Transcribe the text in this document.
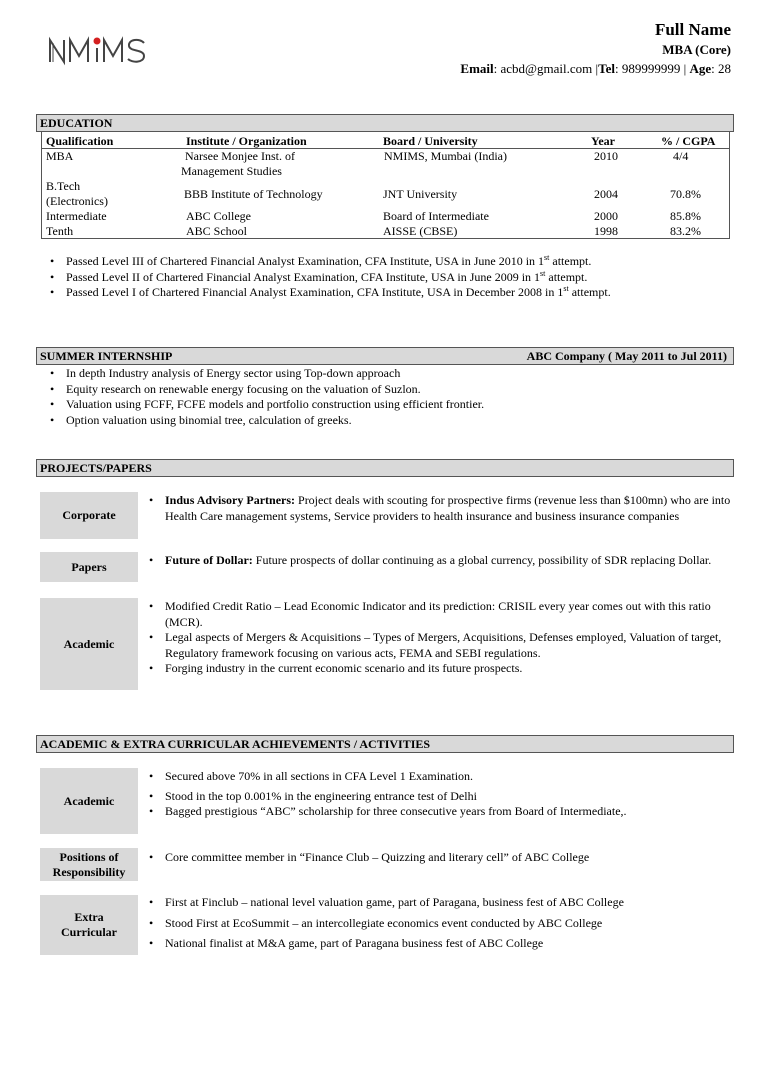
Full Name
MBA (Core)
Email: acbd@gmail.com |Tel: 989999999 | Age: 28
EDUCATION
Qualification	Institute / Organization	Board / University	Year	% / CGPA
MBA	Narsee Monjee Inst. of
Management Studies
NMIMS, Mumbai (India)	2010	4/4
B.Tech
(Electronics)	BBB Institute of Technology	JNT University	2004	70.8%
Intermediate	ABC College	Board of Intermediate	2000	85.8%
Tenth	ABC School	AISSE (CBSE)	1998	83.2%
• Passed Level III of Chartered Financial Analyst Examination, CFA Institute, USA in June 2010 in 1st attempt.
• Passed Level II of Chartered Financial Analyst Examination, CFA Institute, USA in June 2009 in 1st attempt.
• Passed Level I of Chartered Financial Analyst Examination, CFA Institute, USA in December 2008 in 1st attempt.
SUMMER INTERNSHIP	ABC Company ( May 2011 to Jul 2011)
• In depth Industry analysis of Energy sector using Top-down approach
• Equity research on renewable energy focusing on the valuation of Suzlon.
• Valuation using FCFF, FCFE models and portfolio construction using efficient frontier.
• Option valuation using binomial tree, calculation of greeks.
PROJECTS/PAPERS
Corporate
• Indus Advisory Partners: Project deals with scouting for prospective firms (revenue less than $100mn) who are into Health Care management systems, Service providers to health insurance and business insurance companies
Papers
•	Future of Dollar: Future prospects of dollar continuing as a global currency, possibility of SDR replacing Dollar.
Academic
• Modified Credit Ratio – Lead Economic Indicator and its prediction: CRISIL every year comes out with this ratio (MCR).
• Legal aspects of Mergers & Acquisitions – Types of Mergers, Acquisitions, Defenses employed, Valuation of target, Regulatory framework focusing on various acts, FEMA and SEBI regulations.
• Forging industry in the current economic scenario and its future prospects.
ACADEMIC & EXTRA CURRICULAR ACHIEVEMENTS / ACTIVITIES
Academic
• Secured above 70% in all sections in CFA Level 1 Examination.
• Stood in the top 0.001% in the engineering entrance test of Delhi
• Bagged prestigious “ABC” scholarship for three consecutive years from Board of Intermediate,.
Positions of
Responsibility
• Core committee member in “Finance Club – Quizzing and literary cell” of ABC College
Extra
Curricular
• First at Finclub – national level valuation game, part of Paragana, business fest of ABC College
• Stood First at EcoSummit – an intercollegiate economics event conducted by ABC College
• National finalist at M&A game, part of Paragana business fest of ABC College
